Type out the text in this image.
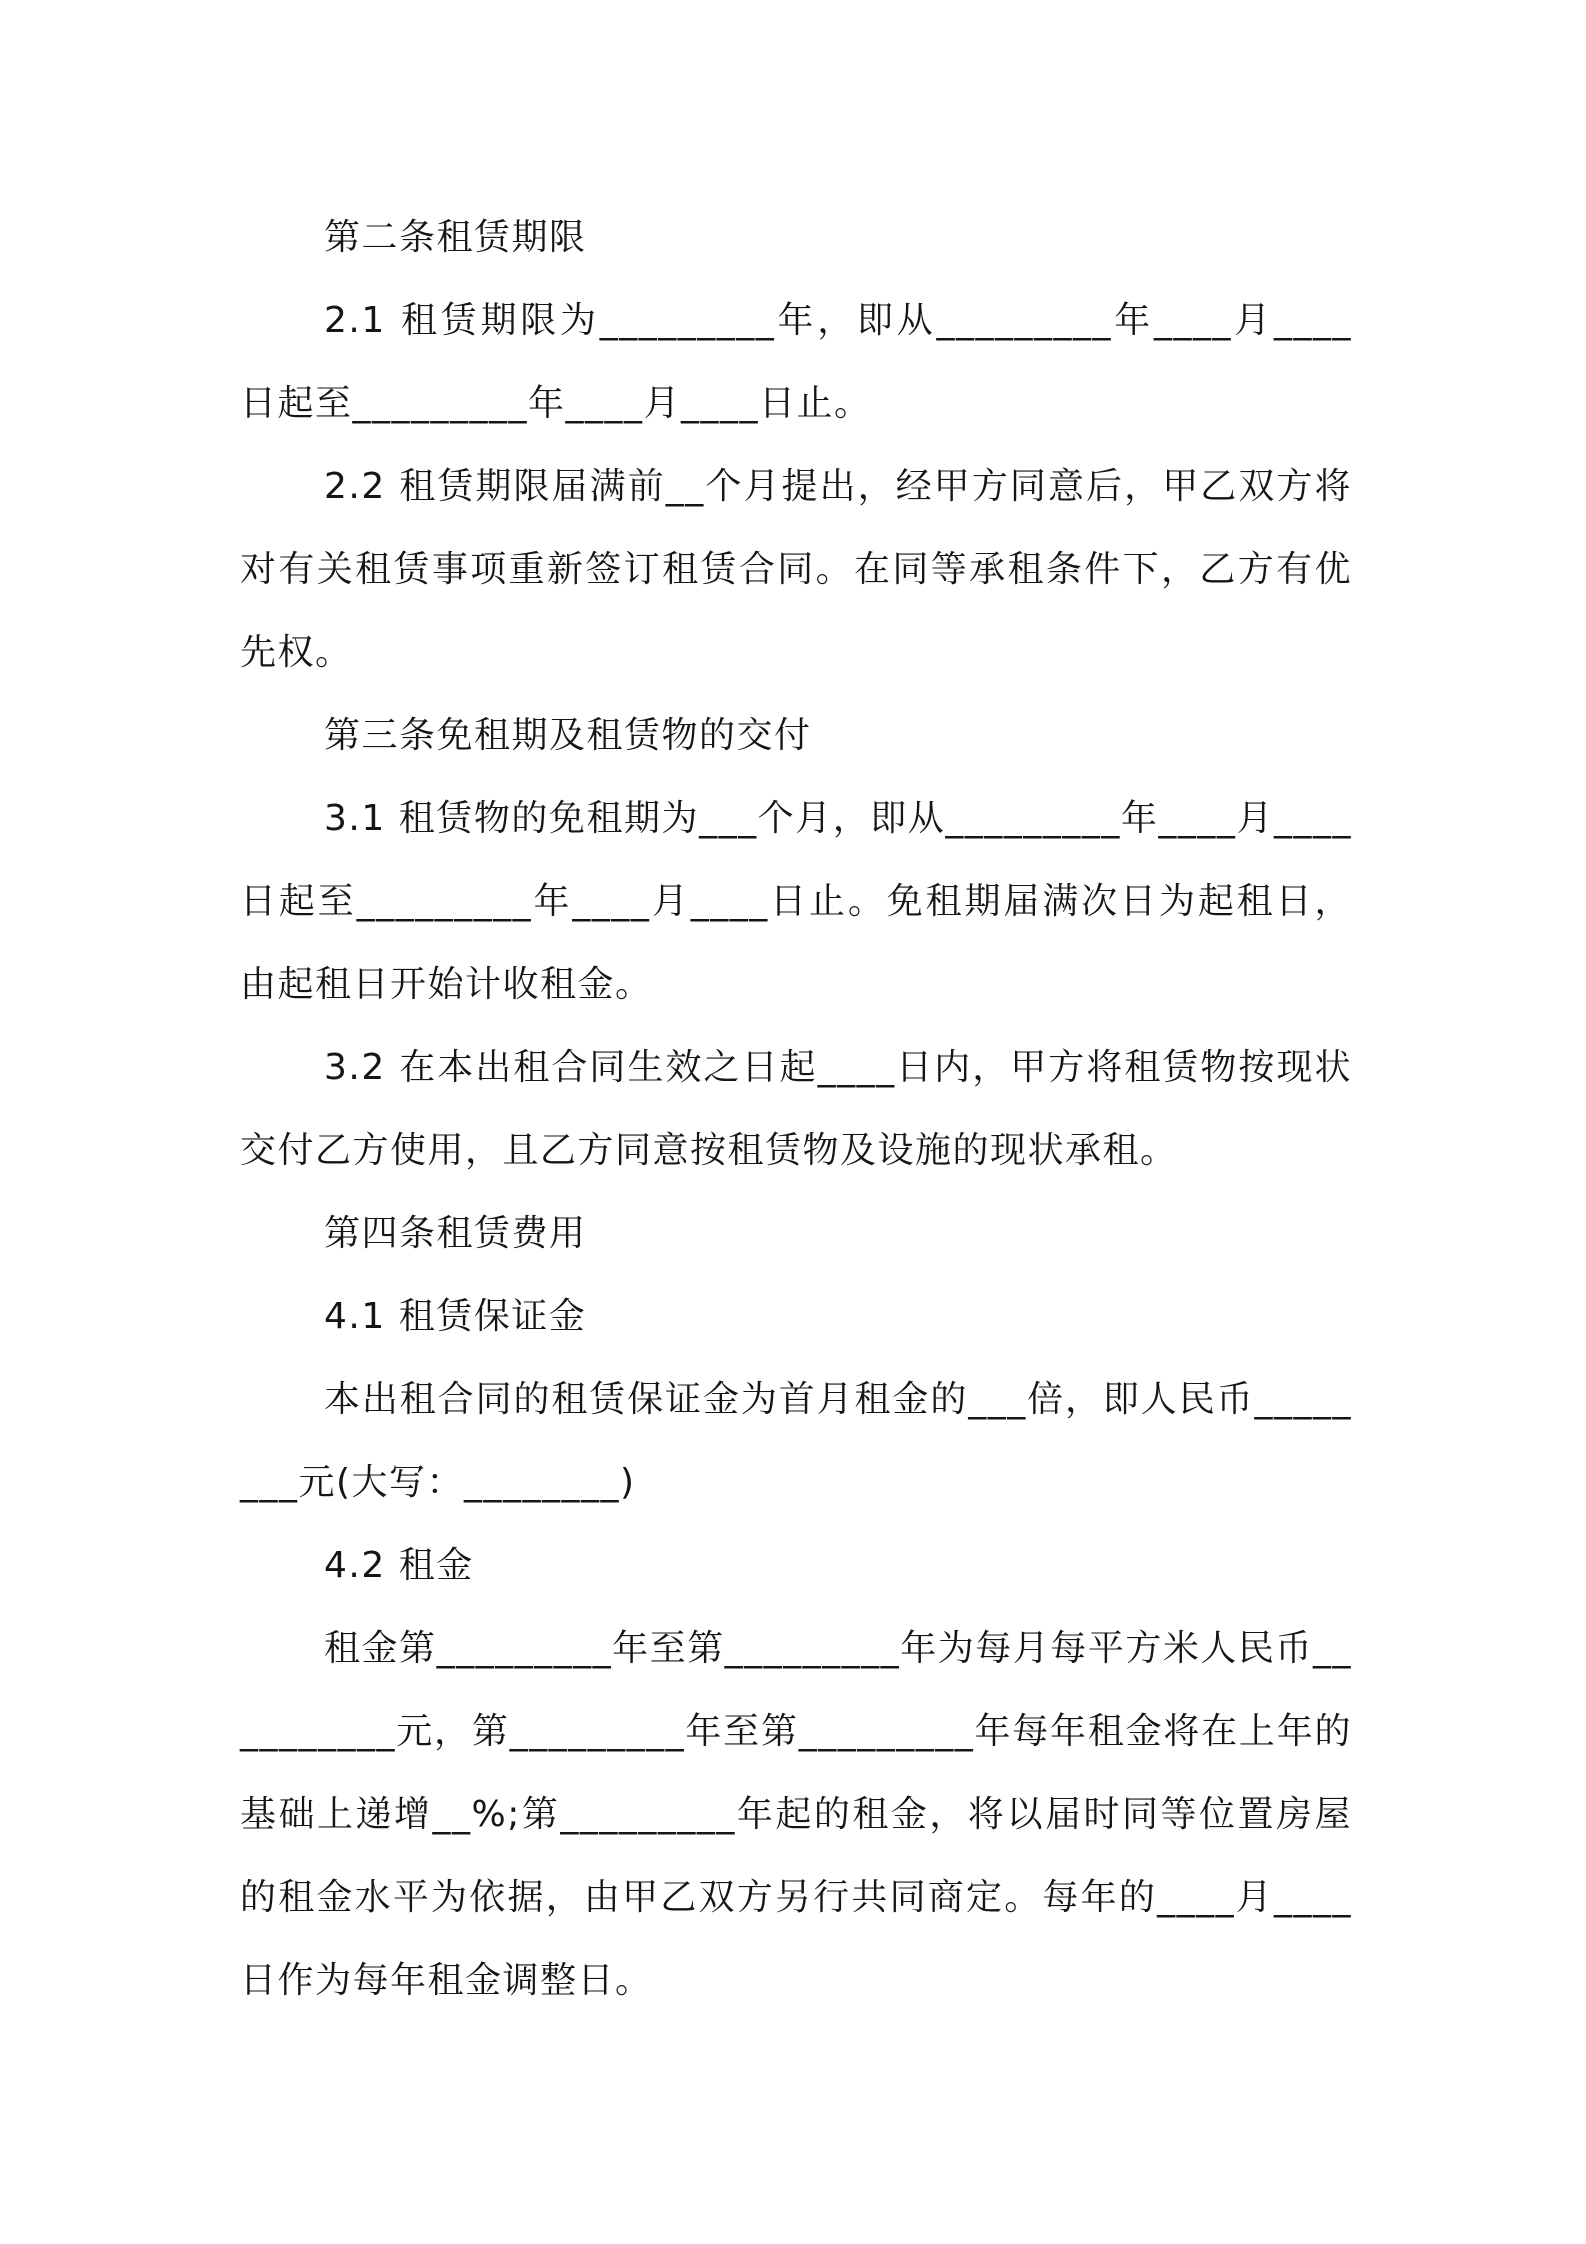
第二条租赁期限

2.1 租赁期限为_________年，即从_________年____月____日起至_________年____月____日止。

2.2 租赁期限届满前__个月提出，经甲方同意后，甲乙双方将对有关租赁事项重新签订租赁合同。在同等承租条件下，乙方有优先权。

第三条免租期及租赁物的交付

3.1 租赁物的免租期为___个月，即从_________年____月____日起至_________年____月____日止。免租期届满次日为起租日，由起租日开始计收租金。

3.2 在本出租合同生效之日起____日内，甲方将租赁物按现状交付乙方使用，且乙方同意按租赁物及设施的现状承租。

第四条租赁费用

4.1 租赁保证金

本出租合同的租赁保证金为首月租金的___倍，即人民币________元(大写：________)

4.2 租金

租金第_________年至第_________年为每月每平方米人民币__________元，第_________年至第_________年每年租金将在上年的基础上递增__%;第_________年起的租金，将以届时同等位置房屋的租金水平为依据，由甲乙双方另行共同商定。每年的____月____日作为每年租金调整日。
